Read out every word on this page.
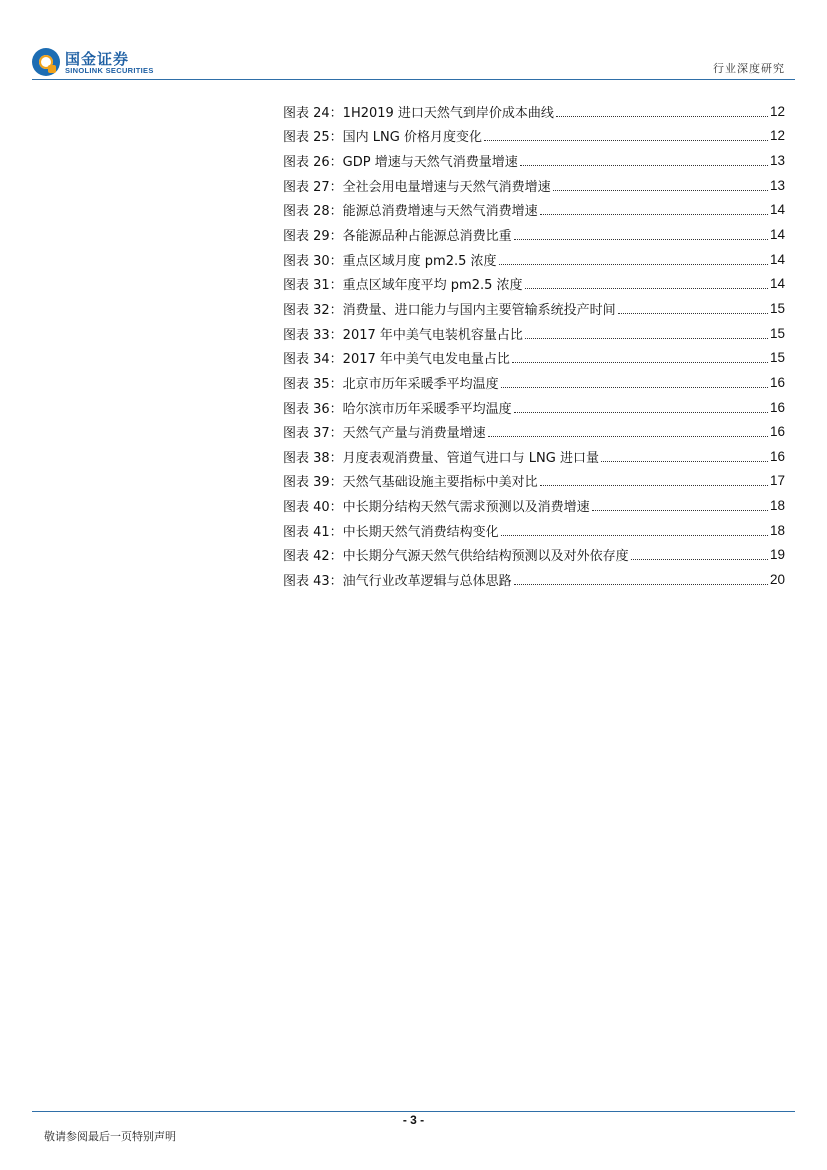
国金证券
SINOLINK SECURITIES	行业深度研究
图表 24：1H2019 进口天然气到岸价成本曲线	12
图表 25：国内 LNG 价格月度变化	12
图表 26：GDP 增速与天然气消费量增速	13
图表 27：全社会用电量增速与天然气消费增速	13
图表 28：能源总消费增速与天然气消费增速	14
图表 29：各能源品种占能源总消费比重	14
图表 30：重点区域月度 pm2.5 浓度	14
图表 31：重点区域年度平均 pm2.5 浓度	14
图表 32：消费量、进口能力与国内主要管输系统投产时间	15
图表 33：2017 年中美气电装机容量占比	15
图表 34：2017 年中美气电发电量占比	15
图表 35：北京市历年采暖季平均温度	16
图表 36：哈尔滨市历年采暖季平均温度	16
图表 37：天然气产量与消费量增速	16
图表 38：月度表观消费量、管道气进口与 LNG 进口量	16
图表 39：天然气基础设施主要指标中美对比	17
图表 40：中长期分结构天然气需求预测以及消费增速	18
图表 41：中长期天然气消费结构变化	18
图表 42：中长期分气源天然气供给结构预测以及对外依存度	19
图表 43：油气行业改革逻辑与总体思路	20
- 3 -
敬请参阅最后一页特别声明
